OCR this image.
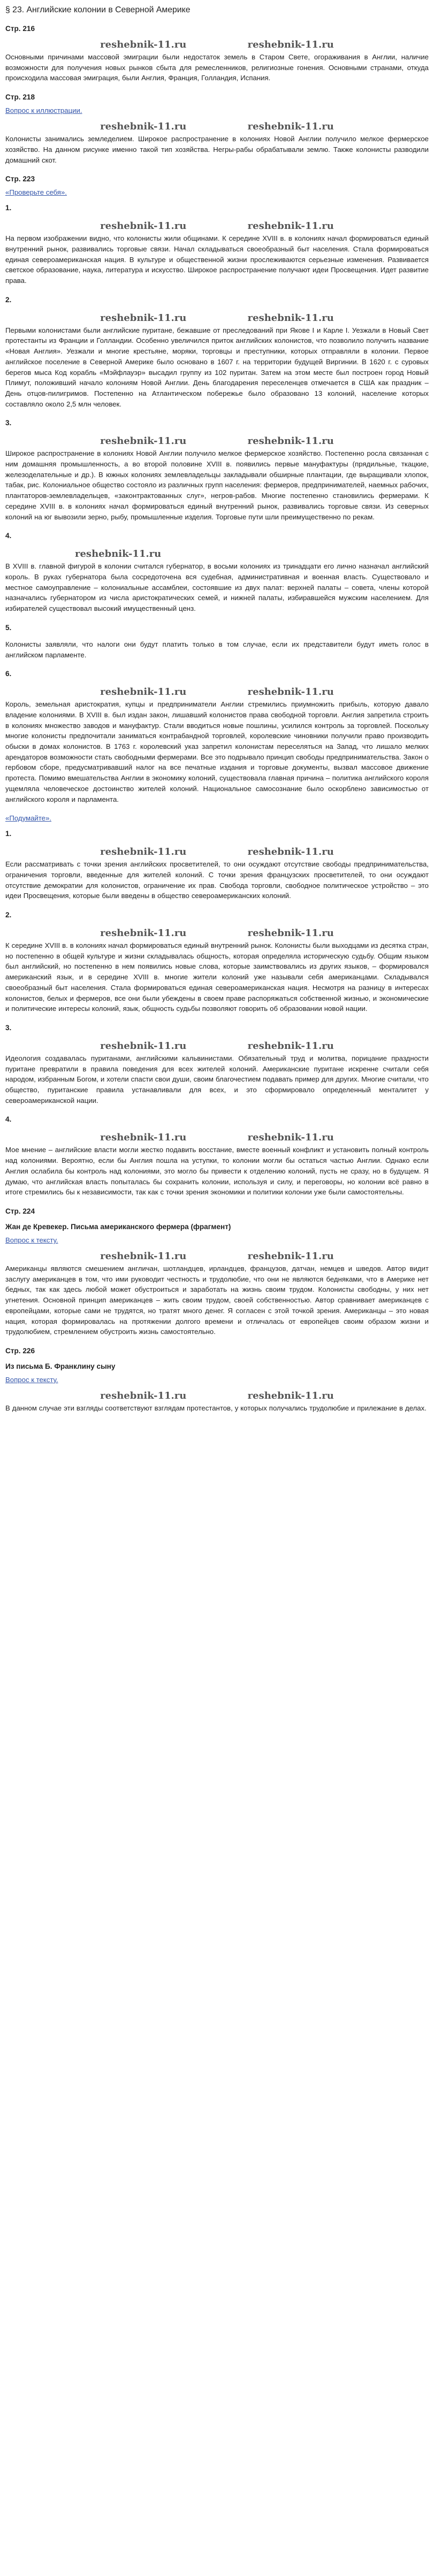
§ 23. Английские колонии в Северной Америке
Стр. 216
reshebnik-11.ru	reshebnik-11.ru
Основными причинами массовой эмиграции были недостаток земель в Старом Свете, огораживания в Англии, наличие возможности для получения новых рынков сбыта для ремесленников, религиозные гонения. Основными странами, откуда происходила массовая эмиграция, были Англия, Франция, Голландия, Испания.
Стр. 218
Вопрос к иллюстрации.
reshebnik-11.ru	reshebnik-11.ru
Колонисты занимались земледелием. Широкое распространение в колониях Новой Англии получило мелкое фермерское хозяйство. На данном рисунке именно такой тип хозяйства. Негры-рабы обрабатывали землю. Также колонисты разводили домашний скот.
Стр. 223
«Проверьте себя».
1.
reshebnik-11.ru	reshebnik-11.ru
На первом изображении видно, что колонисты жили общинами. К середине XVIII в. в колониях начал формироваться единый внутренний рынок, развивались торговые связи. Начал складываться своеобразный быт населения. Стала формироваться единая североамериканская нация. В культуре и общественной жизни прослеживаются серьезные изменения. Развивается светское образование, наука, литература и искусство. Широкое распространение получают идеи Просвещения. Идет развитие права.
2.
reshebnik-11.ru	reshebnik-11.ru
Первыми колонистами были английские пуритане, бежавшие от преследований при Якове I и Карле I. Уезжали в Новый Свет протестанты из Франции и Голландии. Особенно увеличился приток английских колонистов, что позволило получить название «Новая Англия». Уезжали и многие крестьяне, моряки, торговцы и преступники, которых отправляли в колонии. Первое английское поселение в Северной Америке было основано в 1607 г. на территории будущей Виргинии. В 1620 г. с суровых берегов мыса Код корабль «Мэйфлауэр» высадил группу из 102 пуритан. Затем на этом месте был построен город Новый Плимут, положивший начало колониям Новой Англии. День благодарения переселенцев отмечается в США как праздник – День отцов-пилигримов. Постепенно на Атлантическом побережье было образовано 13 колоний, население которых составляло около 2,5 млн человек.
3.
reshebnik-11.ru	reshebnik-11.ru
Широкое распространение в колониях Новой Англии получило мелкое фермерское хозяйство. Постепенно росла связанная с ним домашняя промышленность, а во второй половине XVIII в. появились первые мануфактуры (прядильные, ткацкие, железоделательные и др.). В южных колониях землевладельцы закладывали обширные плантации, где выращивали хлопок, табак, рис. Колониальное общество состояло из различных групп населения: фермеров, предпринимателей, наемных рабочих, плантаторов-землевладельцев, «законтрактованных слуг», негров-рабов. Многие постепенно становились фермерами. К середине XVIII в. в колониях начал формироваться единый внутренний рынок, развивались торговые связи. Из северных колоний на юг вывозили зерно, рыбу, промышленные изделия. Торговые пути шли преимущественно по рекам.
4.
reshebnik-11.ru
В XVIII в. главной фигурой в колонии считался губернатор, в восьми колониях из тринадцати его лично назначал английский король. В руках губернатора была сосредоточена вся судебная, административная и военная власть. Существовало и местное самоуправление – колониальные ассамблеи, состоявшие из двух палат: верхней палаты – совета, члены которой назначались губернатором из числа аристократических семей, и нижней палаты, избиравшейся мужским населением. Для избирателей существовал высокий имущественный ценз.
5.
Колонисты заявляли, что налоги они будут платить только в том случае, если их представители будут иметь голос в английском парламенте.
6.
reshebnik-11.ru	reshebnik-11.ru
Король, земельная аристократия, купцы и предприниматели Англии стремились приумножить прибыль, которую давало владение колониями. В XVIII в. был издан закон, лишавший колонистов права свободной торговли. Англия запретила строить в колониях множество заводов и мануфактур. Стали вводиться новые пошлины, усилился контроль за торговлей. Поскольку многие колонисты предпочитали заниматься контрабандной торговлей, королевские чиновники получили право производить обыски в домах колонистов. В 1763 г. королевский указ запретил колонистам переселяться на Запад, что лишало мелких арендаторов возможности стать свободными фермерами. Все это подрывало принцип свободы предпринимательства. Закон о гербовом сборе, предусматривавший налог на все печатные издания и торговые документы, вызвал массовое движение протеста. Помимо вмешательства Англии в экономику колоний, существовала главная причина – политика английского короля ущемляла человеческое достоинство жителей колоний. Национальное самосознание было оскорблено зависимостью от английского короля и парламента.
«Подумайте».
1.
reshebnik-11.ru	reshebnik-11.ru
Если рассматривать с точки зрения английских просветителей, то они осуждают отсутствие свободы предпринимательства, ограничения торговли, введенные для жителей колоний. С точки зрения французских просветителей, то они осуждают отсутствие демократии для колонистов, ограничение их прав. Свобода торговли, свободное политическое устройство – это идеи Просвещения, которые были введены в общество североамериканских колоний.
2.
reshebnik-11.ru	reshebnik-11.ru
К середине XVIII в. в колониях начал формироваться единый внутренний рынок. Колонисты были выходцами из десятка стран, но постепенно в общей культуре и жизни складывалась общность, которая определяла историческую судьбу. Общим языком был английский, но постепенно в нем появились новые слова, которые заимствовались из других языков, – формировался американский язык, и в середине XVIII в. многие жители колоний уже называли себя американцами. Складывался своеобразный быт населения. Стала формироваться единая североамериканская нация. Несмотря на разницу в интересах колонистов, белых и фермеров, все они были убеждены в своем праве распоряжаться собственной жизнью, и экономические и политические интересы колоний, язык, общность судьбы позволяют говорить об образовании новой нации.
3.
reshebnik-11.ru	reshebnik-11.ru
Идеология создавалась пуританами, английскими кальвинистами. Обязательный труд и молитва, порицание праздности пуритане превратили в правила поведения для всех жителей колоний. Американские пуритане искренне считали себя народом, избранным Богом, и хотели спасти свои души, своим благочестием подавать пример для других. Многие считали, что общество, пуританские правила устанавливали для всех, и это сформировало определенный менталитет у североамериканской нации.
4.
reshebnik-11.ru	reshebnik-11.ru
Мое мнение – английские власти могли жестко подавить восстание, вместе военный конфликт и установить полный контроль над колониями. Вероятно, если бы Англия пошла на уступки, то колонии могли бы остаться частью Англии. Однако если Англия ослабила бы контроль над колониями, это могло бы привести к отделению колоний, пусть не сразу, но в будущем. Я думаю, что английская власть попыталась бы сохранить колонии, используя и силу, и переговоры, но колонии всё равно в итоге стремились бы к независимости, так как с точки зрения экономики и политики колонии уже были самостоятельны.
Стр. 224
Жан де Кревекер. Письма американского фермера (фрагмент)
Вопрос к тексту.
reshebnik-11.ru	reshebnik-11.ru
Американцы являются смешением англичан, шотландцев, ирландцев, французов, датчан, немцев и шведов. Автор видит заслугу американцев в том, что ими руководит честность и трудолюбие, что они не являются бедняками, что в Америке нет бедных, так как здесь любой может обустроиться и заработать на жизнь своим трудом. Колонисты свободны, у них нет угнетения. Основной принцип американцев – жить своим трудом, своей собственностью. Автор сравнивает американцев с европейцами, которые сами не трудятся, но тратят много денег. Я согласен с этой точкой зрения. Американцы – это новая нация, которая формировалась на протяжении долгого времени и отличалась от европейцев своим образом жизни и трудолюбием, стремлением обустроить жизнь самостоятельно.
Стр. 226
Из письма Б. Франклину сыну
Вопрос к тексту.
reshebnik-11.ru	reshebnik-11.ru
В данном случае эти взгляды соответствуют взглядам протестантов, у которых получались трудолюбие и прилежание в делах.
